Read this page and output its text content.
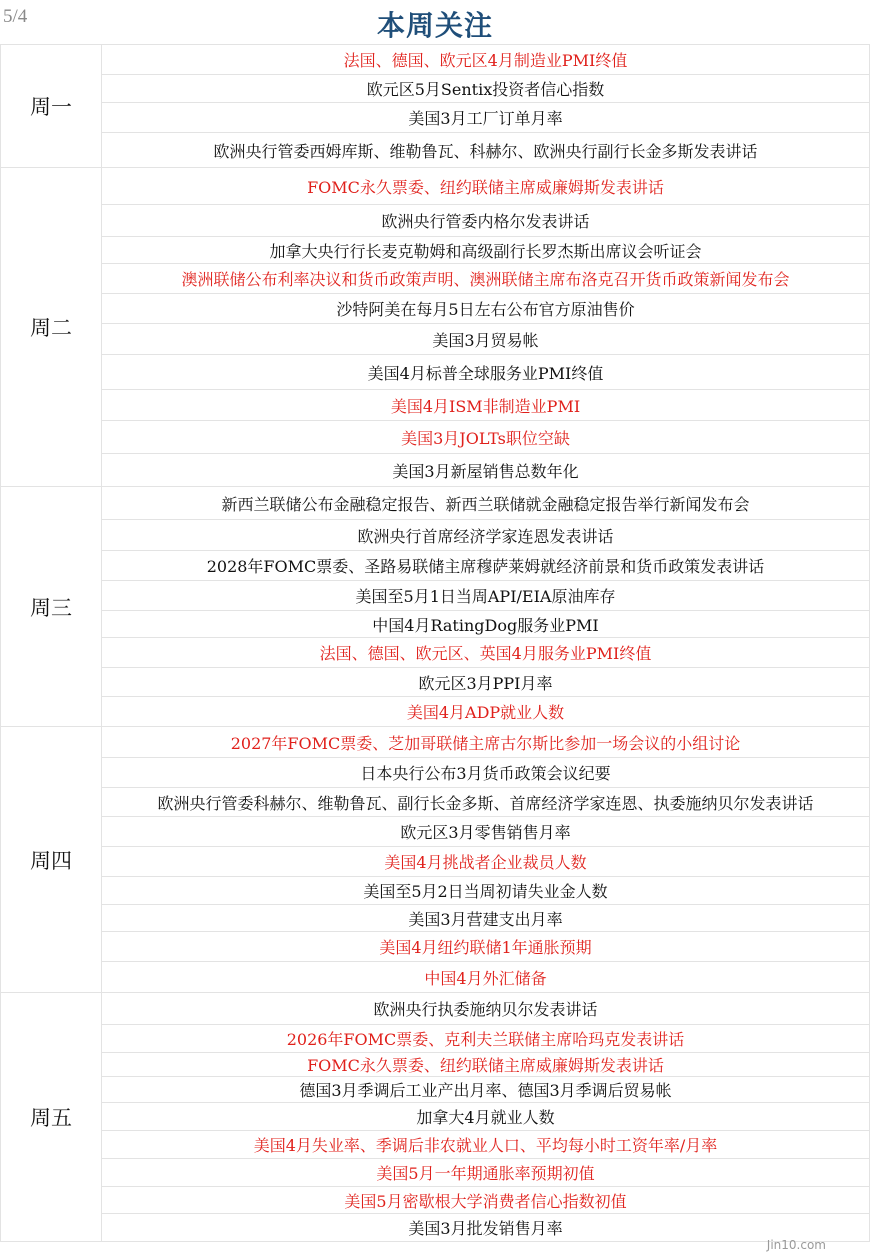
5/4	本周关注
周一	法国、德国、欧元区4月制造业PMI终值
	欧元区5月Sentix投资者信心指数
	美国3月工厂订单月率
	欧洲央行管委西姆库斯、维勒鲁瓦、科赫尔、欧洲央行副行长金多斯发表讲话
周二	FOMC永久票委、纽约联储主席威廉姆斯发表讲话
	欧洲央行管委内格尔发表讲话
	加拿大央行行长麦克勒姆和高级副行长罗杰斯出席议会听证会
	澳洲联储公布利率决议和货币政策声明、澳洲联储主席布洛克召开货币政策新闻发布会
	沙特阿美在每月5日左右公布官方原油售价
	美国3月贸易帐
	美国4月标普全球服务业PMI终值
	美国4月ISM非制造业PMI
	美国3月JOLTs职位空缺
	美国3月新屋销售总数年化
周三	新西兰联储公布金融稳定报告、新西兰联储就金融稳定报告举行新闻发布会
	欧洲央行首席经济学家连恩发表讲话
	2028年FOMC票委、圣路易联储主席穆萨莱姆就经济前景和货币政策发表讲话
	美国至5月1日当周API/EIA原油库存
	中国4月RatingDog服务业PMI
	法国、德国、欧元区、英国4月服务业PMI终值
	欧元区3月PPI月率
	美国4月ADP就业人数
周四	2027年FOMC票委、芝加哥联储主席古尔斯比参加一场会议的小组讨论
	日本央行公布3月货币政策会议纪要
	欧洲央行管委科赫尔、维勒鲁瓦、副行长金多斯、首席经济学家连恩、执委施纳贝尔发表讲话
	欧元区3月零售销售月率
	美国4月挑战者企业裁员人数
	美国至5月2日当周初请失业金人数
	美国3月营建支出月率
	美国4月纽约联储1年通胀预期
	中国4月外汇储备
周五	欧洲央行执委施纳贝尔发表讲话
	2026年FOMC票委、克利夫兰联储主席哈玛克发表讲话
	FOMC永久票委、纽约联储主席威廉姆斯发表讲话
	德国3月季调后工业产出月率、德国3月季调后贸易帐
	加拿大4月就业人数
	美国4月失业率、季调后非农就业人口、平均每小时工资年率/月率
	美国5月一年期通胀率预期初值
	美国5月密歇根大学消费者信心指数初值
	美国3月批发销售月率
Jin10.com
